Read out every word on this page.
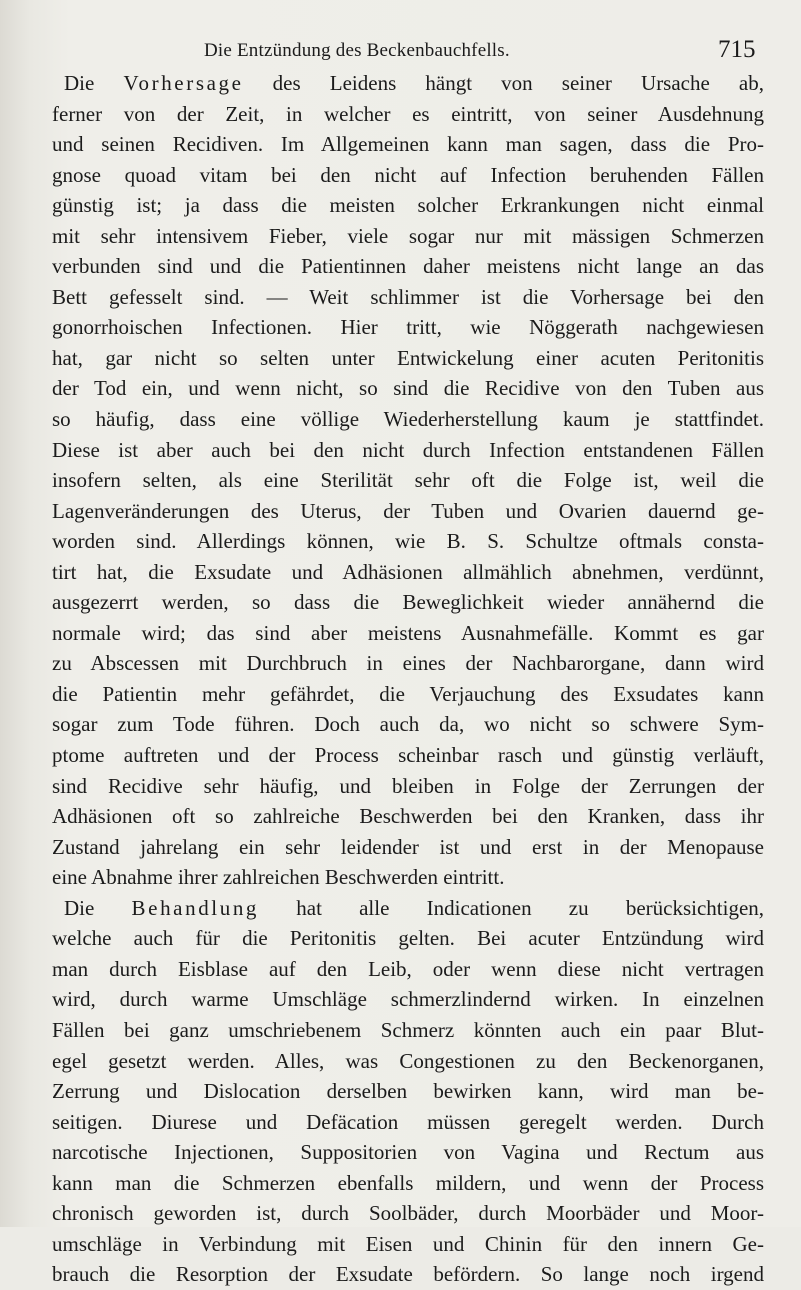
Die Entzündung des Beckenbauchfells.	715
Die Vorhersage des Leidens hängt von seiner Ursache ab,
ferner von der Zeit, in welcher es eintritt, von seiner Ausdehnung
und seinen Recidiven. Im Allgemeinen kann man sagen, dass die Pro-
gnose quoad vitam bei den nicht auf Infection beruhenden Fällen
günstig ist; ja dass die meisten solcher Erkrankungen nicht einmal
mit sehr intensivem Fieber, viele sogar nur mit mässigen Schmerzen
verbunden sind und die Patientinnen daher meistens nicht lange an das
Bett gefesselt sind. — Weit schlimmer ist die Vorhersage bei den
gonorrhoischen Infectionen. Hier tritt, wie Nöggerath nachgewiesen
hat, gar nicht so selten unter Entwickelung einer acuten Peritonitis
der Tod ein, und wenn nicht, so sind die Recidive von den Tuben aus
so häufig, dass eine völlige Wiederherstellung kaum je stattfindet.
Diese ist aber auch bei den nicht durch Infection entstandenen Fällen
insofern selten, als eine Sterilität sehr oft die Folge ist, weil die
Lagenveränderungen des Uterus, der Tuben und Ovarien dauernd ge-
worden sind. Allerdings können, wie B. S. Schultze oftmals consta-
tirt hat, die Exsudate und Adhäsionen allmählich abnehmen, verdünnt,
ausgezerrt werden, so dass die Beweglichkeit wieder annähernd die
normale wird; das sind aber meistens Ausnahmefälle. Kommt es gar
zu Abscessen mit Durchbruch in eines der Nachbarorgane, dann wird
die Patientin mehr gefährdet, die Verjauchung des Exsudates kann
sogar zum Tode führen. Doch auch da, wo nicht so schwere Sym-
ptome auftreten und der Process scheinbar rasch und günstig verläuft,
sind Recidive sehr häufig, und bleiben in Folge der Zerrungen der
Adhäsionen oft so zahlreiche Beschwerden bei den Kranken, dass ihr
Zustand jahrelang ein sehr leidender ist und erst in der Menopause
eine Abnahme ihrer zahlreichen Beschwerden eintritt.
Die Behandlung hat alle Indicationen zu berücksichtigen,
welche auch für die Peritonitis gelten. Bei acuter Entzündung wird
man durch Eisblase auf den Leib, oder wenn diese nicht vertragen
wird, durch warme Umschläge schmerzlindernd wirken. In einzelnen
Fällen bei ganz umschriebenem Schmerz könnten auch ein paar Blut-
egel gesetzt werden. Alles, was Congestionen zu den Beckenorganen,
Zerrung und Dislocation derselben bewirken kann, wird man be-
seitigen. Diurese und Defäcation müssen geregelt werden. Durch
narcotische Injectionen, Suppositorien von Vagina und Rectum aus
kann man die Schmerzen ebenfalls mildern, und wenn der Process
chronisch geworden ist, durch Soolbäder, durch Moorbäder und Moor-
umschläge in Verbindung mit Eisen und Chinin für den innern Ge-
brauch die Resorption der Exsudate befördern. So lange noch irgend
